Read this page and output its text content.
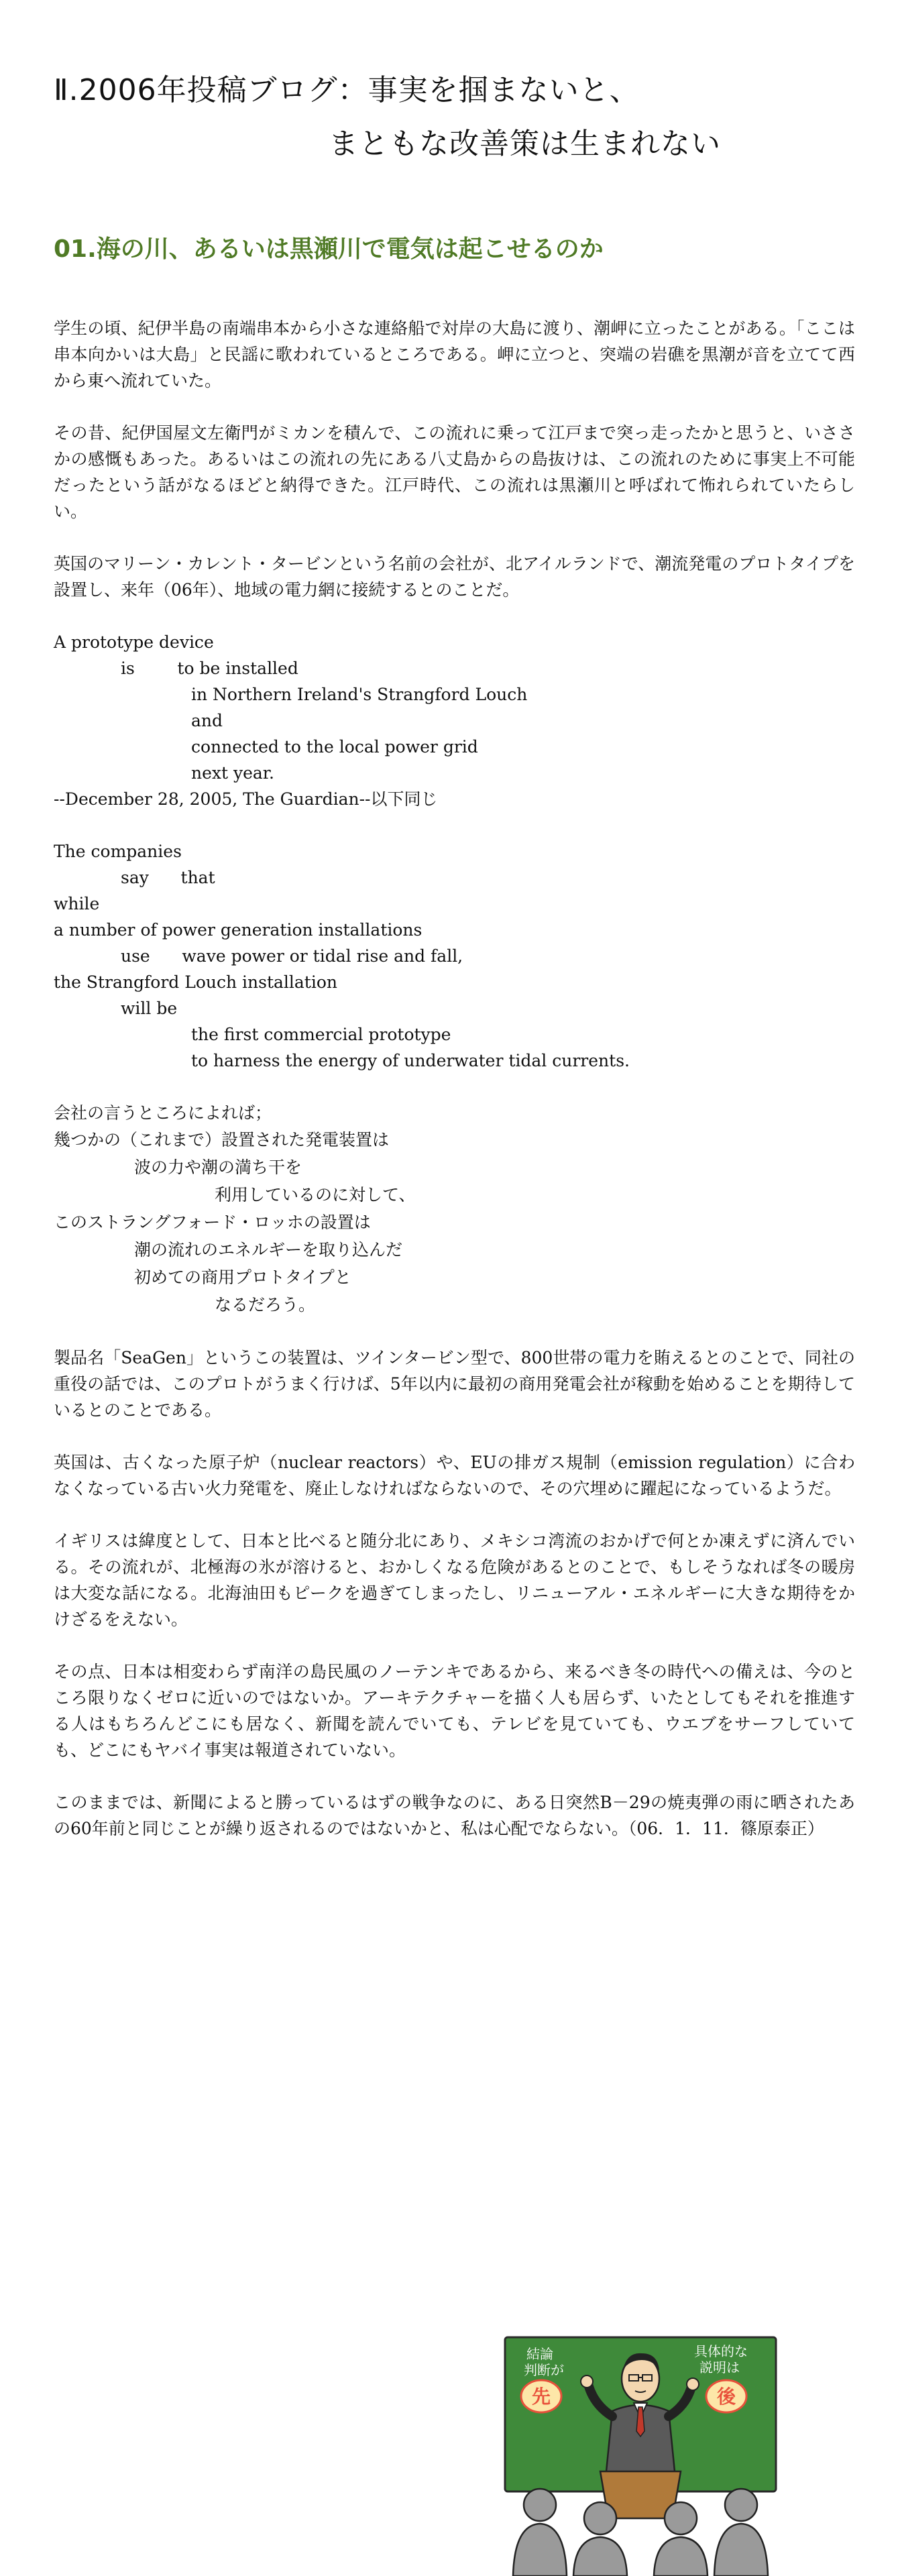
Ⅱ.2006年投稿ブログ：事実を掴まないと、
まともな改善策は生まれない
01.海の川、あるいは黒瀬川で電気は起こせるのか

学生の頃、紀伊半島の南端串本から小さな連絡船で対岸の大島に渡り、潮岬に立ったことがある。「ここは串本向かいは大島」と民謡に歌われているところである。岬に立つと、突端の岩礁を黒潮が音を立てて西から東へ流れていた。

その昔、紀伊国屋文左衛門がミカンを積んで、この流れに乗って江戸まで突っ走ったかと思うと、いささかの感慨もあった。あるいはこの流れの先にある八丈島からの島抜けは、この流れのために事実上不可能だったという話がなるほどと納得できた。江戸時代、この流れは黒瀬川と呼ばれて怖れられていたらしい。

英国のマリーン・カレント・タービンという名前の会社が、北アイルランドで、潮流発電のプロトタイプを設置し、来年（06年）、地域の電力網に接続するとのことだ。

A prototype device
is        to be installed
in Northern Ireland's Strangford Louch
and
connected to the local power grid
next year.
--December 28, 2005, The Guardian--以下同じ
The companies
say      that
while
a number of power generation installations
use      wave power or tidal rise and fall,
the Strangford Louch installation
will be
the first commercial prototype
to harness the energy of underwater tidal currents.

会社の言うところによれば；

幾つかの（これまで）設置された発電装置は
波の力や潮の満ち干を
利用しているのに対して、
このストラングフォード・ロッホの設置は
潮の流れのエネルギーを取り込んだ
初めての商用プロトタイプと
なるだろう。

製品名「SeaGen」というこの装置は、ツインタービン型で、800世帯の電力を賄えるとのことで、同社の重役の話では、このプロトがうまく行けば、5年以内に最初の商用発電会社が稼動を始めることを期待しているとのことである。

英国は、古くなった原子炉（nuclear reactors）や、EUの排ガス規制（emission regulation）に合わなくなっている古い火力発電を、廃止しなければならないので、その穴埋めに躍起になっているようだ。

イギリスは緯度として、日本と比べると随分北にあり、メキシコ湾流のおかげで何とか凍えずに済んでいる。その流れが、北極海の氷が溶けると、おかしくなる危険があるとのことで、もしそうなれば冬の暖房は大変な話になる。北海油田もピークを過ぎてしまったし、リニューアル・エネルギーに大きな期待をかけざるをえない。

その点、日本は相変わらず南洋の島民風のノーテンキであるから、来るべき冬の時代への備えは、今のところ限りなくゼロに近いのではないか。アーキテクチャーを描く人も居らず、いたとしてもそれを推進する人はもちろんどこにも居なく、新聞を読んでいても、テレビを見ていても、ウエブをサーフしていても、どこにもヤバイ事実は報道されていない。

このままでは、新聞によると勝っているはずの戦争なのに、ある日突然B－29の焼夷弾の雨に晒されたあの60年前と同じことが繰り返されるのではないかと、私は心配でならない。（06．1．11．篠原泰正）

結論
判断が
先
具体的な
説明は
後
